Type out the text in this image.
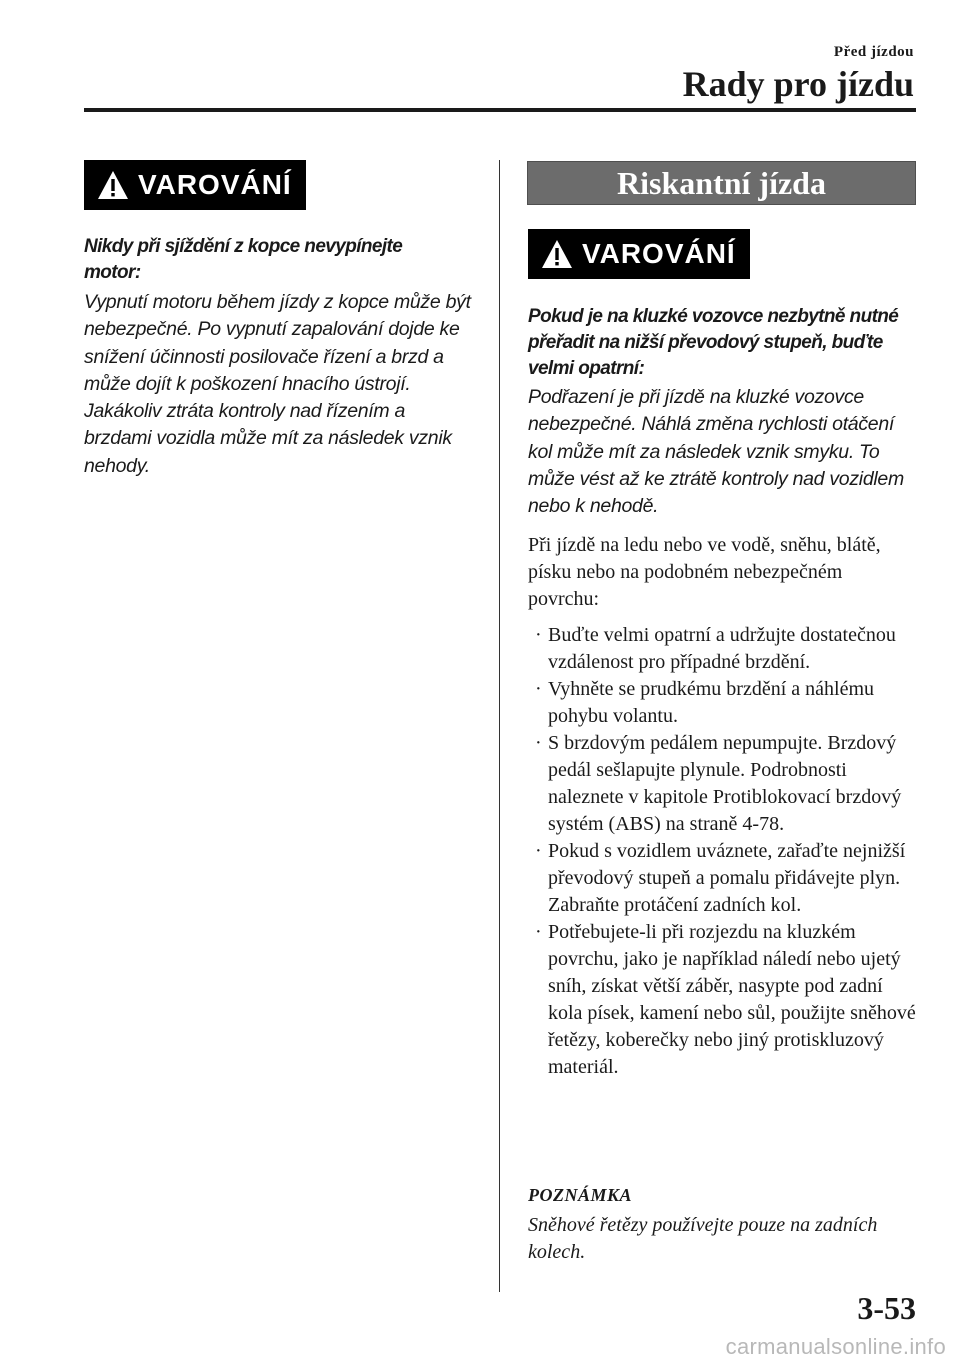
Před jízdou
Rady pro jízdu
VAROVÁNÍ
Nikdy při sjíždění z kopce nevypínejte motor:
Vypnutí motoru během jízdy z kopce může být nebezpečné. Po vypnutí zapalování dojde ke snížení účinnosti posilovače řízení a brzd a může dojít k poškození hnacího ústrojí. Jakákoliv ztráta kontroly nad řízením a brzdami vozidla může mít za následek vznik nehody.
Riskantní jízda
VAROVÁNÍ
Pokud je na kluzké vozovce nezbytně nutné přeřadit na nižší převodový stupeň, buďte velmi opatrní:
Podřazení je při jízdě na kluzké vozovce nebezpečné. Náhlá změna rychlosti otáčení kol může mít za následek vznik smyku. To může vést až ke ztrátě kontroly nad vozidlem nebo k nehodě.
Při jízdě na ledu nebo ve vodě, sněhu, blátě, písku nebo na podobném nebezpečném povrchu:
· Buďte velmi opatrní a udržujte dostatečnou vzdálenost pro případné brzdění.
· Vyhněte se prudkému brzdění a náhlému pohybu volantu.
· S brzdovým pedálem nepumpujte. Brzdový pedál sešlapujte plynule. Podrobnosti naleznete v kapitole Protiblokovací brzdový systém (ABS) na straně 4-78.
· Pokud s vozidlem uváznete, zařaďte nejnižší převodový stupeň a pomalu přidávejte plyn. Zabraňte protáčení zadních kol.
· Potřebujete-li při rozjezdu na kluzkém povrchu, jako je například náledí nebo ujetý sníh, získat větší záběr, nasypte pod zadní kola písek, kamení nebo sůl, použijte sněhové řetězy, koberečky nebo jiný protiskluzový materiál.
POZNÁMKA
Sněhové řetězy používejte pouze na zadních kolech.
3-53
carmanualsonline.info
